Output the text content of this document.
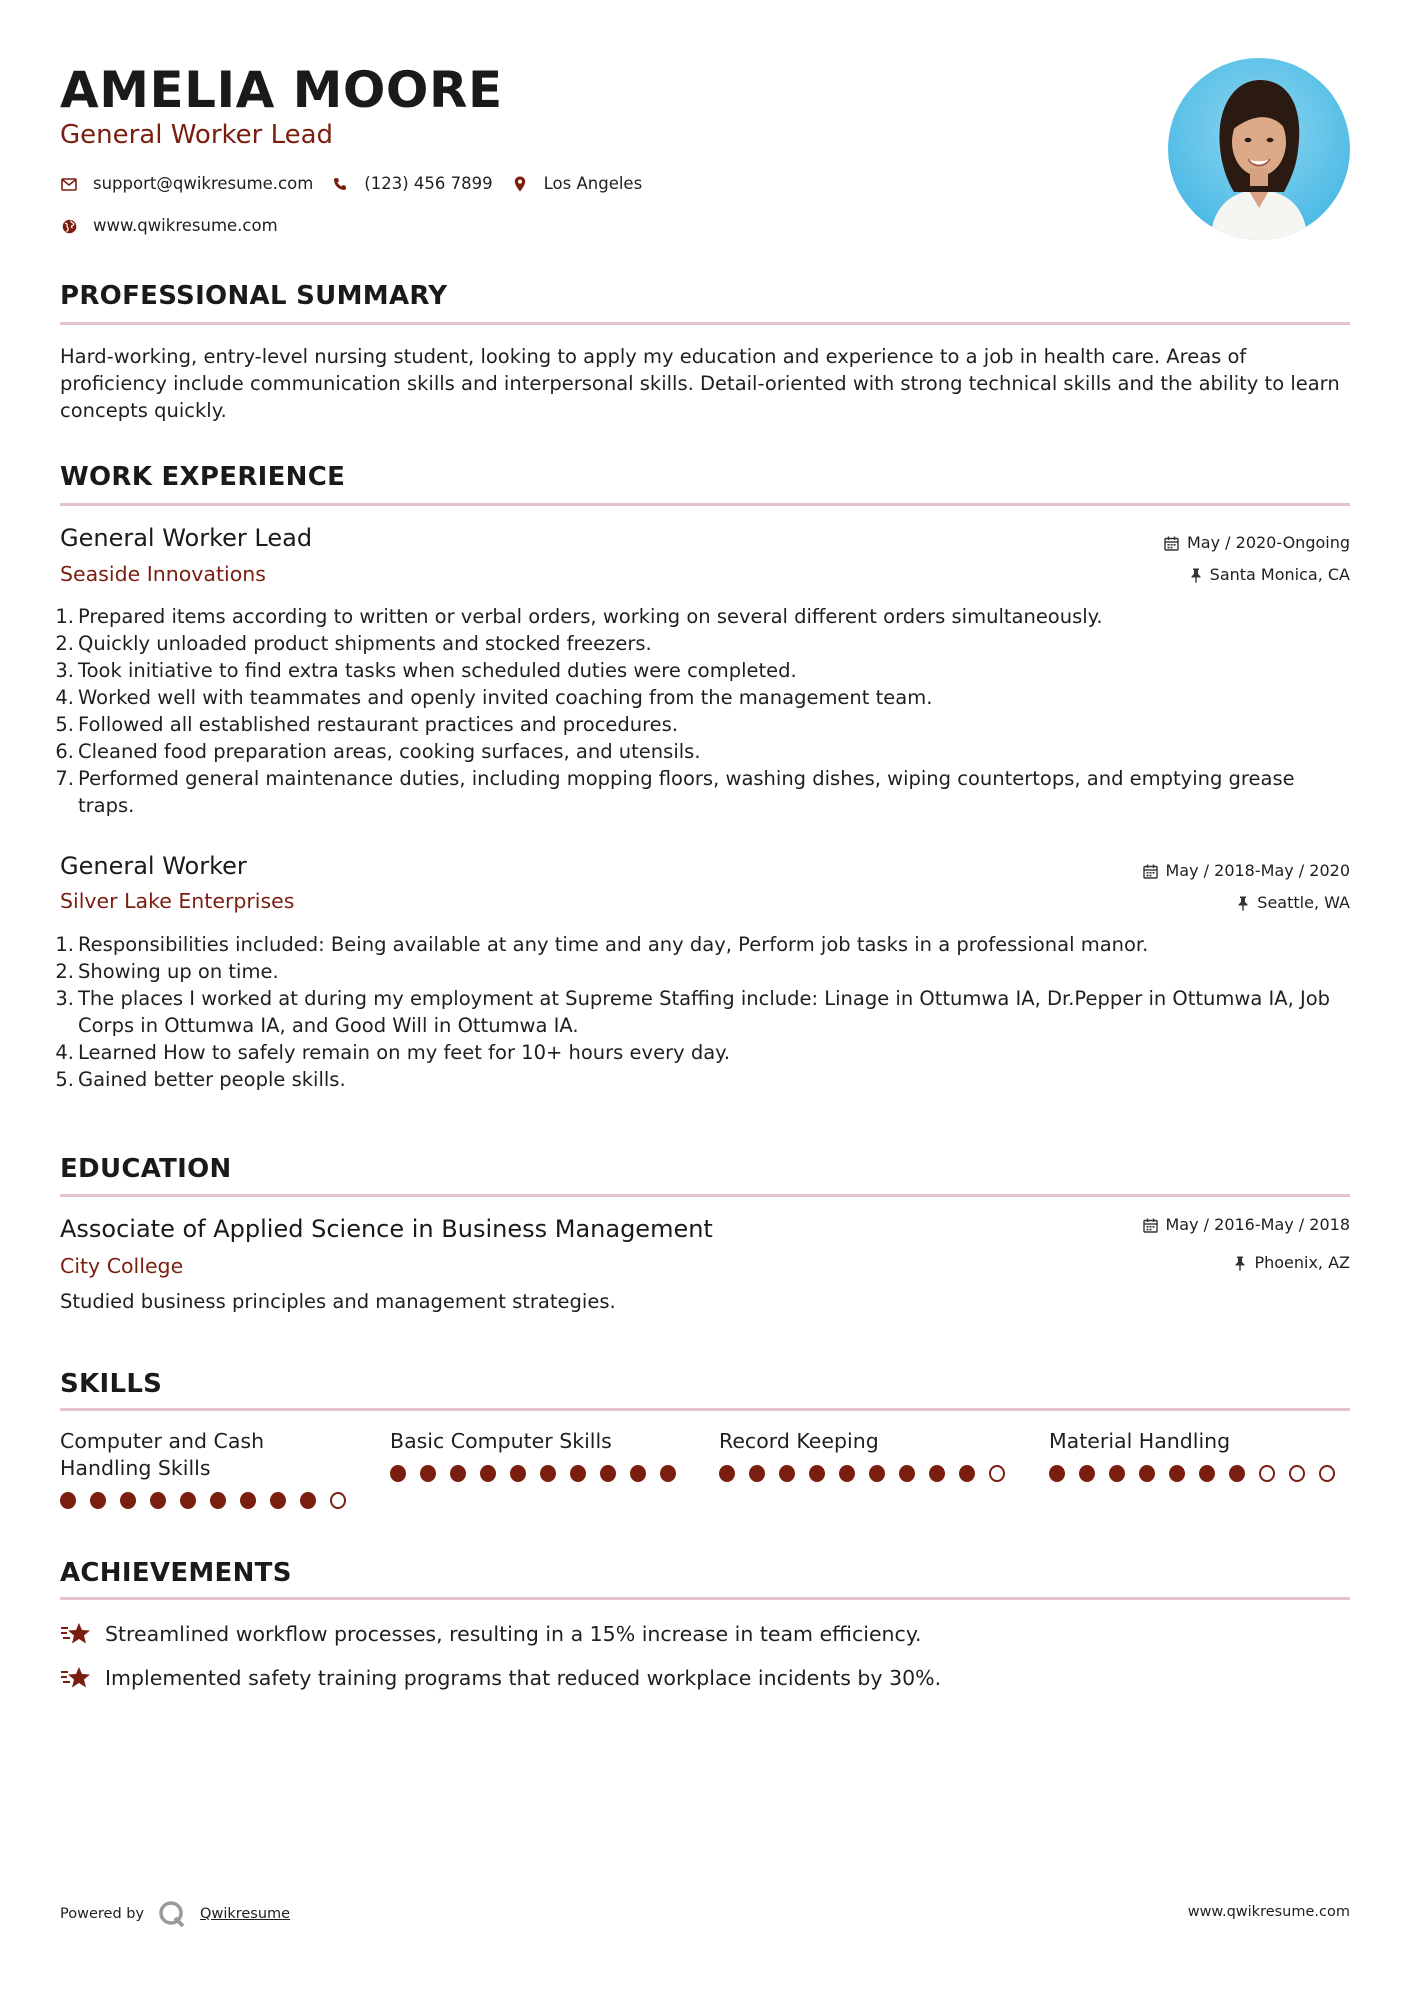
AMELIA MOORE
General Worker Lead
support@qwikresume.com	(123) 456 7899	Los Angeles
www.qwikresume.com
PROFESSIONAL SUMMARY
Hard-working, entry-level nursing student, looking to apply my education and experience to a job in health care. Areas of proficiency include communication skills and interpersonal skills. Detail-oriented with strong technical skills and the ability to learn concepts quickly.
WORK EXPERIENCE
General Worker Lead
Seaside Innovations
May / 2020-Ongoing
Santa Monica, CA
1. Prepared items according to written or verbal orders, working on several different orders simultaneously.
2. Quickly unloaded product shipments and stocked freezers.
3. Took initiative to find extra tasks when scheduled duties were completed.
4. Worked well with teammates and openly invited coaching from the management team.
5. Followed all established restaurant practices and procedures.
6. Cleaned food preparation areas, cooking surfaces, and utensils.
7. Performed general maintenance duties, including mopping floors, washing dishes, wiping countertops, and emptying grease traps.
General Worker
Silver Lake Enterprises
May / 2018-May / 2020
Seattle, WA
1. Responsibilities included: Being available at any time and any day, Perform job tasks in a professional manor.
2. Showing up on time.
3. The places I worked at during my employment at Supreme Staffing include: Linage in Ottumwa IA, Dr.Pepper in Ottumwa IA, Job Corps in Ottumwa IA, and Good Will in Ottumwa IA.
4. Learned How to safely remain on my feet for 10+ hours every day.
5. Gained better people skills.
EDUCATION
Associate of Applied Science in Business Management
City College
May / 2016-May / 2018
Phoenix, AZ
Studied business principles and management strategies.
SKILLS
Computer and Cash Handling Skills
Basic Computer Skills	Record Keeping	Material Handling
ACHIEVEMENTS
Streamlined workflow processes, resulting in a 15% increase in team efficiency.
Implemented safety training programs that reduced workplace incidents by 30%.
Powered by	Qwikresume	www.qwikresume.com
